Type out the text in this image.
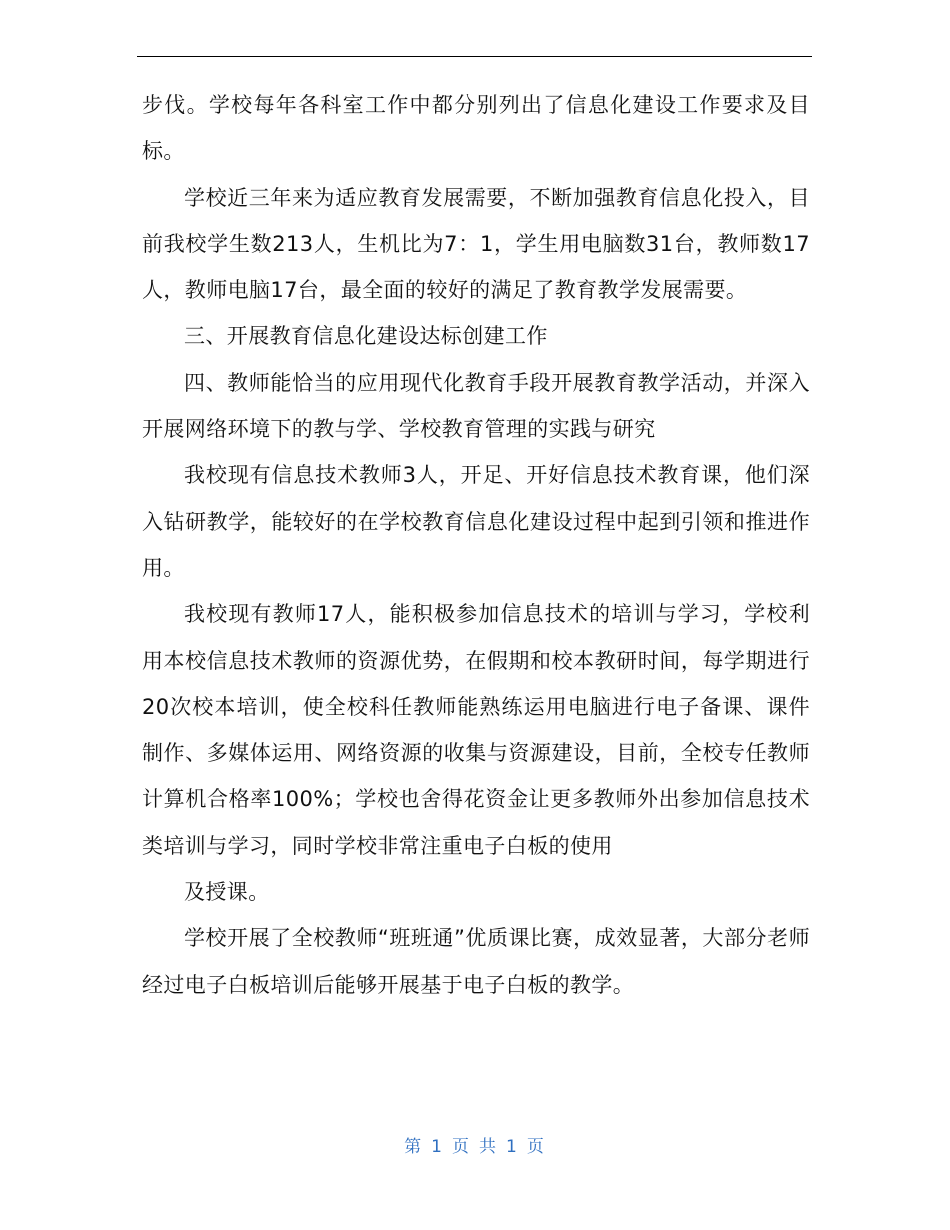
步伐。学校每年各科室工作中都分别列出了信息化建设工作要求及目标。

学校近三年来为适应教育发展需要，不断加强教育信息化投入，目前我校学生数213人，生机比为7：1，学生用电脑数31台，教师数17人，教师电脑17台，最全面的较好的满足了教育教学发展需要。

三、开展教育信息化建设达标创建工作

四、教师能恰当的应用现代化教育手段开展教育教学活动，并深入开展网络环境下的教与学、学校教育管理的实践与研究

我校现有信息技术教师3人，开足、开好信息技术教育课，他们深入钻研教学，能较好的在学校教育信息化建设过程中起到引领和推进作用。

我校现有教师17人，能积极参加信息技术的培训与学习，学校利用本校信息技术教师的资源优势，在假期和校本教研时间，每学期进行20次校本培训，使全校科任教师能熟练运用电脑进行电子备课、课件制作、多媒体运用、网络资源的收集与资源建设，目前，全校专任教师计算机合格率100%；学校也舍得花资金让更多教师外出参加信息技术类培训与学习，同时学校非常注重电子白板的使用

及授课。

学校开展了全校教师“班班通”优质课比赛，成效显著，大部分老师经过电子白板培训后能够开展基于电子白板的教学。

第 1 页 共 1 页
